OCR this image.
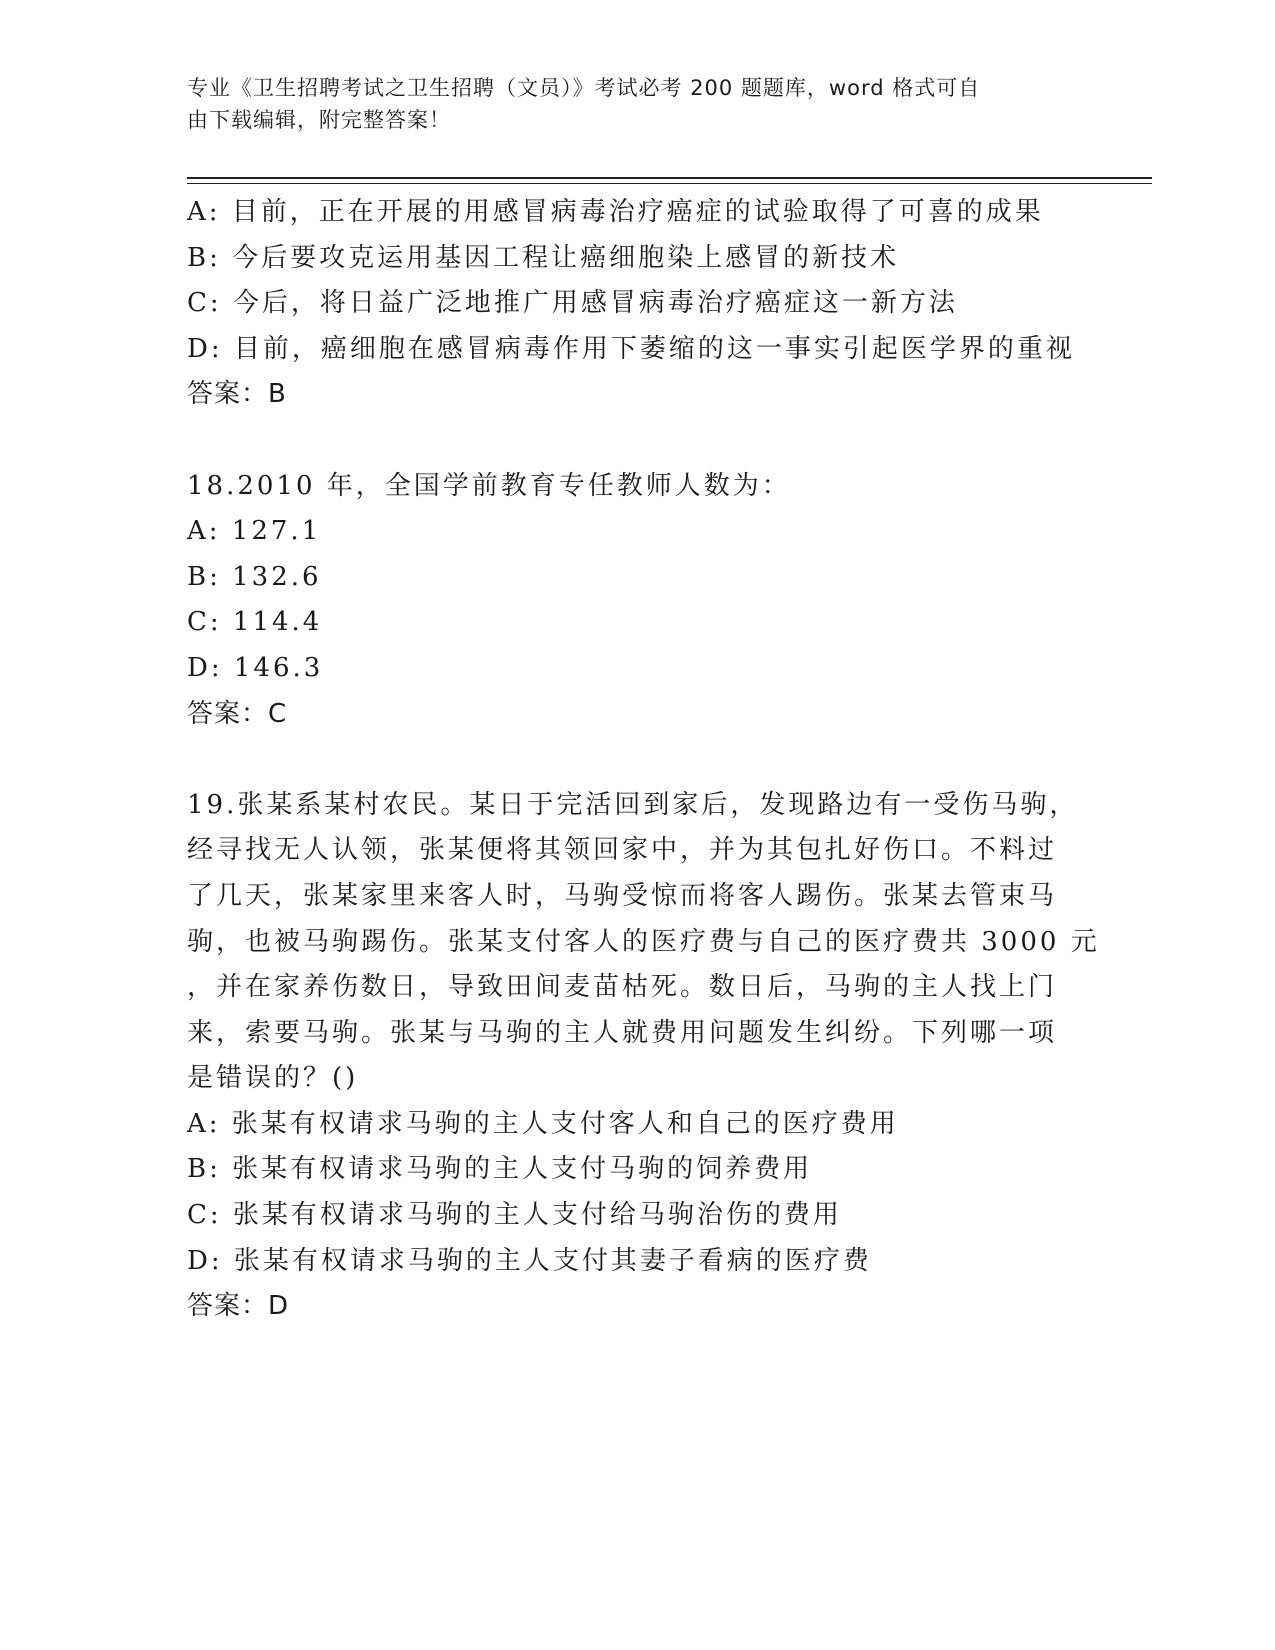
专业《卫生招聘考试之卫生招聘（文员）》考试必考 200 题题库，word 格式可自
由下载编辑，附完整答案！
A: 目前，正在开展的用感冒病毒治疗癌症的试验取得了可喜的成果
B: 今后要攻克运用基因工程让癌细胞染上感冒的新技术
C: 今后，将日益广泛地推广用感冒病毒治疗癌症这一新方法
D: 目前，癌细胞在感冒病毒作用下萎缩的这一事实引起医学界的重视
答案：B
18.2010 年，全国学前教育专任教师人数为：
A: 127.1
B: 132.6
C: 114.4
D: 146.3
答案：C
19.张某系某村农民。某日于完活回到家后，发现路边有一受伤马驹，
经寻找无人认领，张某便将其领回家中，并为其包扎好伤口。不料过
了几天，张某家里来客人时，马驹受惊而将客人踢伤。张某去管束马
驹，也被马驹踢伤。张某支付客人的医疗费与自己的医疗费共 3000 元
，并在家养伤数日，导致田间麦苗枯死。数日后，马驹的主人找上门
来，索要马驹。张某与马驹的主人就费用问题发生纠纷。下列哪一项
是错误的？()
A: 张某有权请求马驹的主人支付客人和自己的医疗费用
B: 张某有权请求马驹的主人支付马驹的饲养费用
C: 张某有权请求马驹的主人支付给马驹治伤的费用
D: 张某有权请求马驹的主人支付其妻子看病的医疗费
答案：D
